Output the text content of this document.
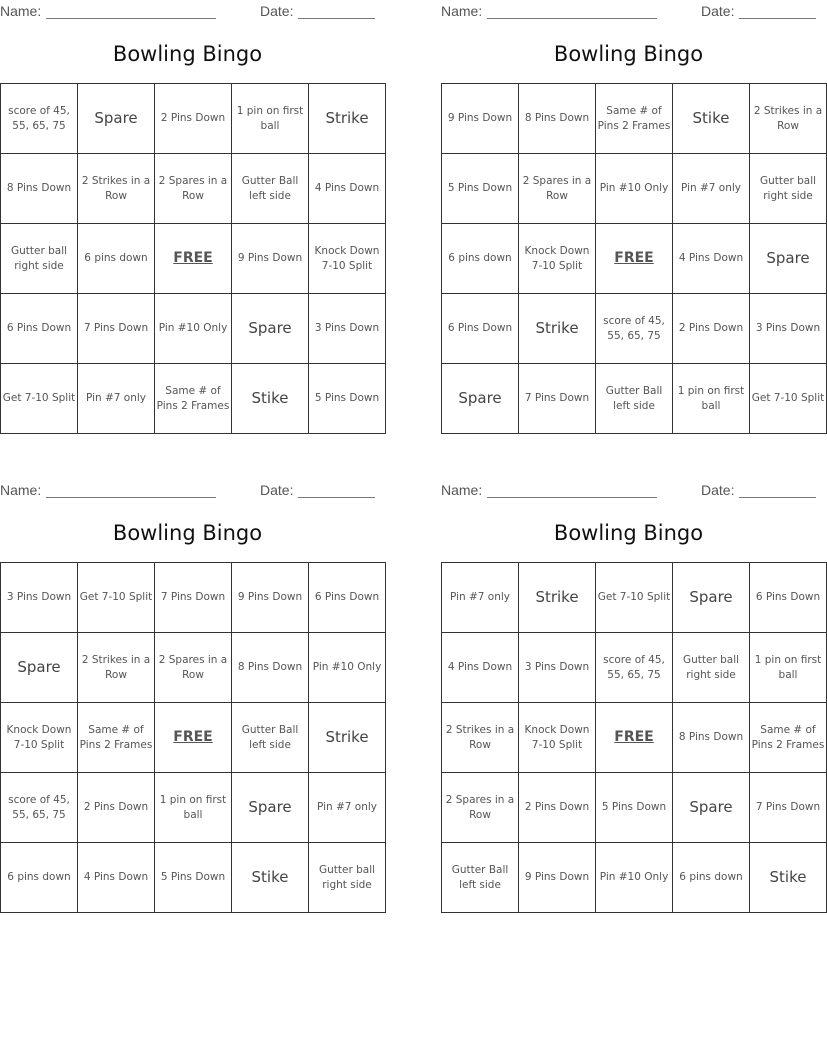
Name:	Date:
Bowling Bingo
score of 45, 55, 65, 75	Spare	2 Pins Down	1 pin on first ball	Strike
8 Pins Down	2 Strikes in a Row	2 Spares in a Row	Gutter Ball left side	4 Pins Down
Gutter ball right side	6 pins down	FREE	9 Pins Down	Knock Down 7-10 Split
6 Pins Down	7 Pins Down	Pin #10 Only	Spare	3 Pins Down
Get 7-10 Split	Pin #7 only	Same # of Pins 2 Frames	Stike	5 Pins Down
Name:	Date:
Bowling Bingo
9 Pins Down	8 Pins Down	Same # of Pins 2 Frames	Stike	2 Strikes in a Row
5 Pins Down	2 Spares in a Row	Pin #10 Only	Pin #7 only	Gutter ball right side
6 pins down	Knock Down 7-10 Split	FREE	4 Pins Down	Spare
6 Pins Down	Strike	score of 45, 55, 65, 75	2 Pins Down	3 Pins Down
Spare	7 Pins Down	Gutter Ball left side	1 pin on first ball	Get 7-10 Split
Name:	Date:
Bowling Bingo
3 Pins Down	Get 7-10 Split	7 Pins Down	9 Pins Down	6 Pins Down
Spare	2 Strikes in a Row	2 Spares in a Row	8 Pins Down	Pin #10 Only
Knock Down 7-10 Split	Same # of Pins 2 Frames	FREE	Gutter Ball left side	Strike
score of 45, 55, 65, 75	2 Pins Down	1 pin on first ball	Spare	Pin #7 only
6 pins down	4 Pins Down	5 Pins Down	Stike	Gutter ball right side
Name:	Date:
Bowling Bingo
Pin #7 only	Strike	Get 7-10 Split	Spare	6 Pins Down
4 Pins Down	3 Pins Down	score of 45, 55, 65, 75	Gutter ball right side	1 pin on first ball
2 Strikes in a Row	Knock Down 7-10 Split	FREE	8 Pins Down	Same # of Pins 2 Frames
2 Spares in a Row	2 Pins Down	5 Pins Down	Spare	7 Pins Down
Gutter Ball left side	9 Pins Down	Pin #10 Only	6 pins down	Stike
